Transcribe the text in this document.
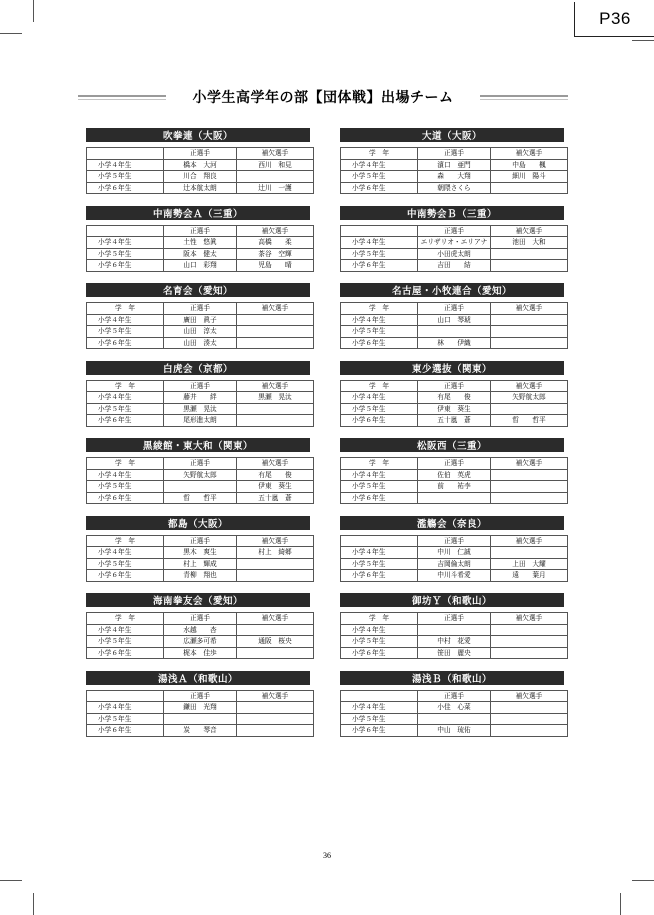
P36
小学生高学年の部【団体戦】出場チーム
吹拳連（大阪）
	正選手	補欠選手
小学４年生	橋本　大河	西川　和見
小学５年生	川合　翔良	
小学６年生	辻本航太朗	辻川　一護
大道（大阪）
学　年	正選手	補欠選手
小学４年生	濱口　亜門	中島　　楓
小学５年生	森　　大翔	細川　陽斗
小学６年生	朝隈さくら	
中南勢会Ａ（三重）
	正選手	補欠選手
小学４年生	土性　悠眞	高橋　　柔
小学５年生	阪本　健太	茶谷　空輝
小学６年生	山口　彩翔	児島　　晴
中南勢会Ｂ（三重）
	正選手	補欠選手
小学４年生	エリザリオ・エリアナ	池田　大和
小学５年生	小田虎太朗	
小学６年生	吉田　　結	
名育会（愛知）
学　年	正選手	補欠選手
小学４年生	廣田　眞子	
小学５年生	山田　淳太	
小学６年生	山田　湊太	
名古屋・小牧連合（愛知）
学　年	正選手	補欠選手
小学４年生	山口　琴琥	
小学５年生		
小学６年生	林　　伊織	
白虎会（京都）
学　年	正選手	補欠選手
小学４年生	藤井　　絆	黒瀬　晃汰
小学５年生	黒瀬　晃汰	
小学６年生	尾形進太朗	
東少選抜（関東）
学　年	正選手	補欠選手
小学４年生	有尾　　俊	矢野航太郎
小学５年生	伊東　葵生	
小学６年生	五十嵐　蒼	晢　　哲平
黒綾館・東大和（関東）
学　年	正選手	補欠選手
小学４年生	矢野航太郎	有尾　　俊
小学５年生		伊東　葵生
小学６年生	晢　　哲平	五十嵐　蒼
松阪西（三重）
学　年	正選手	補欠選手
小学４年生	佐伯　英虎	
小学５年生	前　　祐李	
小学６年生		
都島（大阪）
学　年	正選手	補欠選手
小学４年生	黒木　爽生	村上　綺郷
小学５年生	村上　輝成	
小学６年生	青柳　翔也	
濫觴会（奈良）
	正選手	補欠選手
小学４年生	中川　仁誠	
小学５年生	吉岡倫太朗	上田　大耀
小学６年生	中川斗希愛	遠　　葉月
海南拳友会（愛知）
学　年	正選手	補欠選手
小学４年生	水越　　杏	
小学５年生	広瀬多可希	通阪　桜央
小学６年生	梶本　佳歩	
御坊Ｙ（和歌山）
学　年	正選手	補欠選手
小学４年生		
小学５年生	中村　花愛	
小学６年生	笹田　麗央	
湯浅Ａ（和歌山）
	正選手	補欠選手
小学４年生	鎌田　光翔	
小学５年生		
小学６年生	炭　　琴音	
湯浅Ｂ（和歌山）
	正選手	補欠選手
小学４年生	小佳　心菜	
小学５年生		
小学６年生	中山　琉佑	
36
